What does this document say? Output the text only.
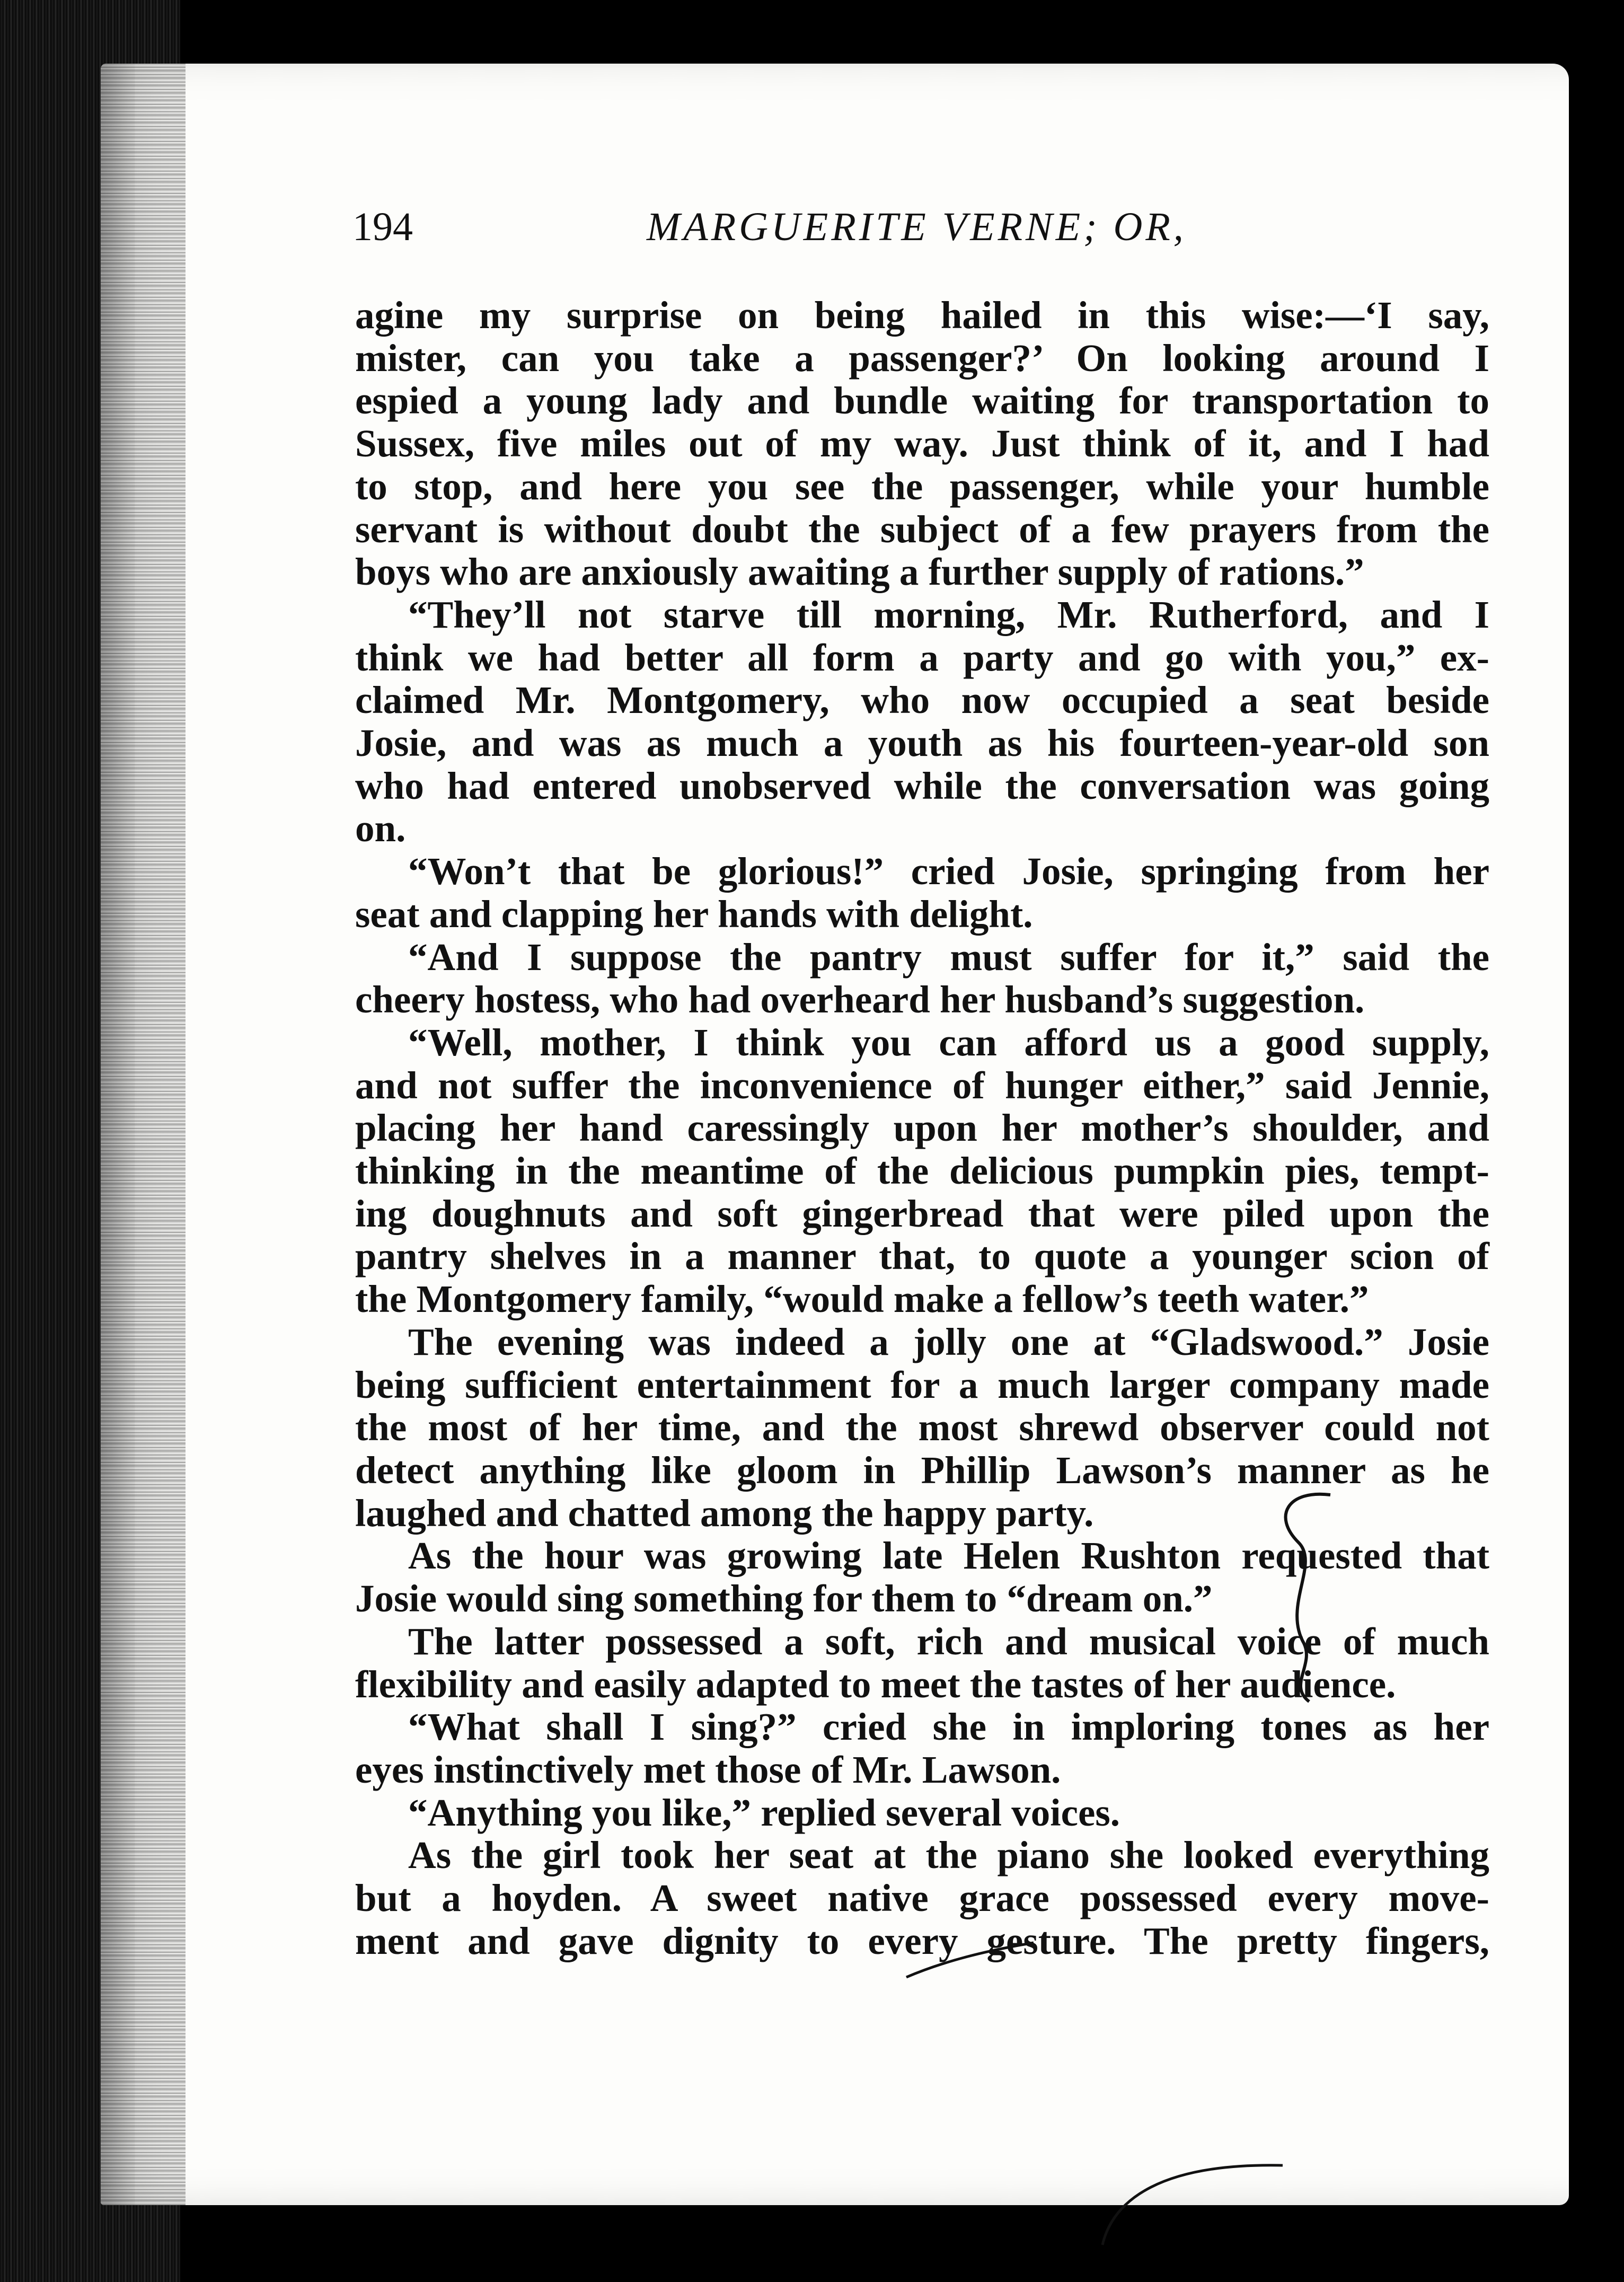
194	MARGUERITE VERNE; OR,
agine my surprise on being hailed in this wise:—‘I say,
mister, can you take a passenger?’ On looking around I
espied a young lady and bundle waiting for transportation to
Sussex, five miles out of my way. Just think of it, and I had
to stop, and here you see the passenger, while your humble
servant is without doubt the subject of a few prayers from the
boys who are anxiously awaiting a further supply of rations.”
“They’ll not starve till morning, Mr. Rutherford, and I
think we had better all form a party and go with you,” ex-
claimed Mr. Montgomery, who now occupied a seat beside
Josie, and was as much a youth as his fourteen-year-old son
who had entered unobserved while the conversation was going
on.
“Won’t that be glorious!” cried Josie, springing from her
seat and clapping her hands with delight.
“And I suppose the pantry must suffer for it,” said the
cheery hostess, who had overheard her husband’s suggestion.
“Well, mother, I think you can afford us a good supply,
and not suffer the inconvenience of hunger either,” said Jennie,
placing her hand caressingly upon her mother’s shoulder, and
thinking in the meantime of the delicious pumpkin pies, tempt-
ing doughnuts and soft gingerbread that were piled upon the
pantry shelves in a manner that, to quote a younger scion of
the Montgomery family, “would make a fellow’s teeth water.”
The evening was indeed a jolly one at “Gladswood.” Josie
being sufficient entertainment for a much larger company made
the most of her time, and the most shrewd observer could not
detect anything like gloom in Phillip Lawson’s manner as he
laughed and chatted among the happy party.
As the hour was growing late Helen Rushton requested that
Josie would sing something for them to “dream on.”
The latter possessed a soft, rich and musical voice of much
flexibility and easily adapted to meet the tastes of her audience.
“What shall I sing?” cried she in imploring tones as her
eyes instinctively met those of Mr. Lawson.
“Anything you like,” replied several voices.
As the girl took her seat at the piano she looked everything
but a hoyden. A sweet native grace possessed every move-
ment and gave dignity to every gesture. The pretty fingers,
